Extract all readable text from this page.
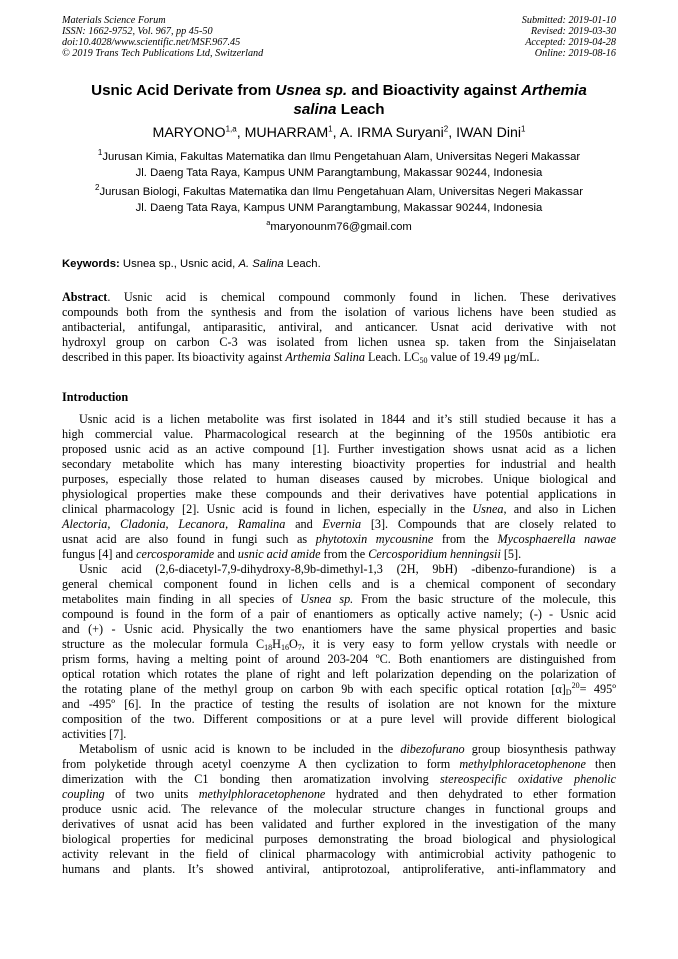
Materials Science Forum
ISSN: 1662-9752, Vol. 967, pp 45-50
doi:10.4028/www.scientific.net/MSF.967.45
© 2019 Trans Tech Publications Ltd, Switzerland
Submitted: 2019-01-10
Revised: 2019-03-30
Accepted: 2019-04-28
Online: 2019-08-16
Usnic Acid Derivate from Usnea sp. and Bioactivity against Arthemia
salina Leach
MARYONO$^{1,a}$, MUHARRAM$^1$, A. IRMA Suryani$^2$, IWAN Dini$^1$
$^1$Jurusan Kimia, Fakultas Matematika dan Ilmu Pengetahuan Alam, Universitas Negeri Makassar
Jl. Daeng Tata Raya, Kampus UNM Parangtambung, Makassar 90244, Indonesia
$^2$Jurusan Biologi, Fakultas Matematika dan Ilmu Pengetahuan Alam, Universitas Negeri Makassar
Jl. Daeng Tata Raya, Kampus UNM Parangtambung, Makassar 90244, Indonesia
$^a$maryonounm76@gmail.com
Keywords: Usnea sp., Usnic acid, A. Salina Leach.
Abstract. Usnic acid is chemical compound commonly found in lichen. These derivatives
compounds both from the synthesis and from the isolation of various lichens have been studied as
antibacterial, antifungal, antiparasitic, antiviral, and anticancer. Usnat acid derivative with not
hydroxyl group on carbon C-3 was isolated from lichen usnea sp. taken from the Sinjaiselatan
described in this paper. Its bioactivity against Arthemia Salina Leach. $LC_{50}$ value of 19.49 μg/mL.
Introduction
Usnic acid is a lichen metabolite was first isolated in 1844 and it’s still studied because it has a
high commercial value. Pharmacological research at the beginning of the 1950s antibiotic era
proposed usnic acid as an active compound [1]. Further investigation shows usnat acid as a lichen
secondary metabolite which has many interesting bioactivity properties for industrial and health
purposes, especially those related to human diseases caused by microbes. Unique biological and
physiological properties make these compounds and their derivatives have potential applications in
clinical pharmacology [2]. Usnic acid is found in lichen, especially in the Usnea, and also in Lichen
Alectoria, Cladonia, Lecanora, Ramalina and Evernia [3]. Compounds that are closely related to
usnat acid are also found in fungi such as phytotoxin mycousnine from the Mycosphaerella nawae
fungus [4] and cercosporamide and usnic acid amide from the Cercosporidium henningsii [5].
Usnic acid (2,6-diacetyl-7,9-dihydroxy-8,9b-dimethyl-1,3 (2H, 9bH) -dibenzo-furandione) is a
general chemical component found in lichen cells and is a chemical component of secondary
metabolites main finding in all species of Usnea sp. From the basic structure of the molecule, this
compound is found in the form of a pair of enantiomers as optically active namely; (-) - Usnic acid
and (+) - Usnic acid. Physically the two enantiomers have the same physical properties and basic
structure as the molecular formula $C_{18}H_{16}O_7$, it is very easy to form yellow crystals with needle or
prism forms, having a melting point of around 203-204 ºC. Both enantiomers are distinguished from
optical rotation which rotates the plane of right and left polarization depending on the polarization of
the rotating plane of the methyl group on carbon 9b with each specific optical rotation $[\alpha]_D^{20}=$ 495º
and -495º [6]. In the practice of testing the results of isolation are not known for the mixture
composition of the two. Different compositions or at a pure level will provide different biological
activities [7].
Metabolism of usnic acid is known to be included in the dibezofurano group biosynthesis pathway
from polyketide through acetyl coenzyme A then cyclization to form methylphloracetophenone then
dimerization with the C1 bonding then aromatization involving stereospecific oxidative phenolic
coupling of two units methylphloracetophenone hydrated and then dehydrated to ether formation
produce usnic acid. The relevance of the molecular structure changes in functional groups and
derivatives of usnat acid has been validated and further explored in the investigation of the many
biological properties for medicinal purposes demonstrating the broad biological and physiological
activity relevant in the field of clinical pharmacology with antimicrobial activity pathogenic to
humans and plants. It’s showed antiviral, antiprotozoal, antiproliferative, anti-inflammatory and
